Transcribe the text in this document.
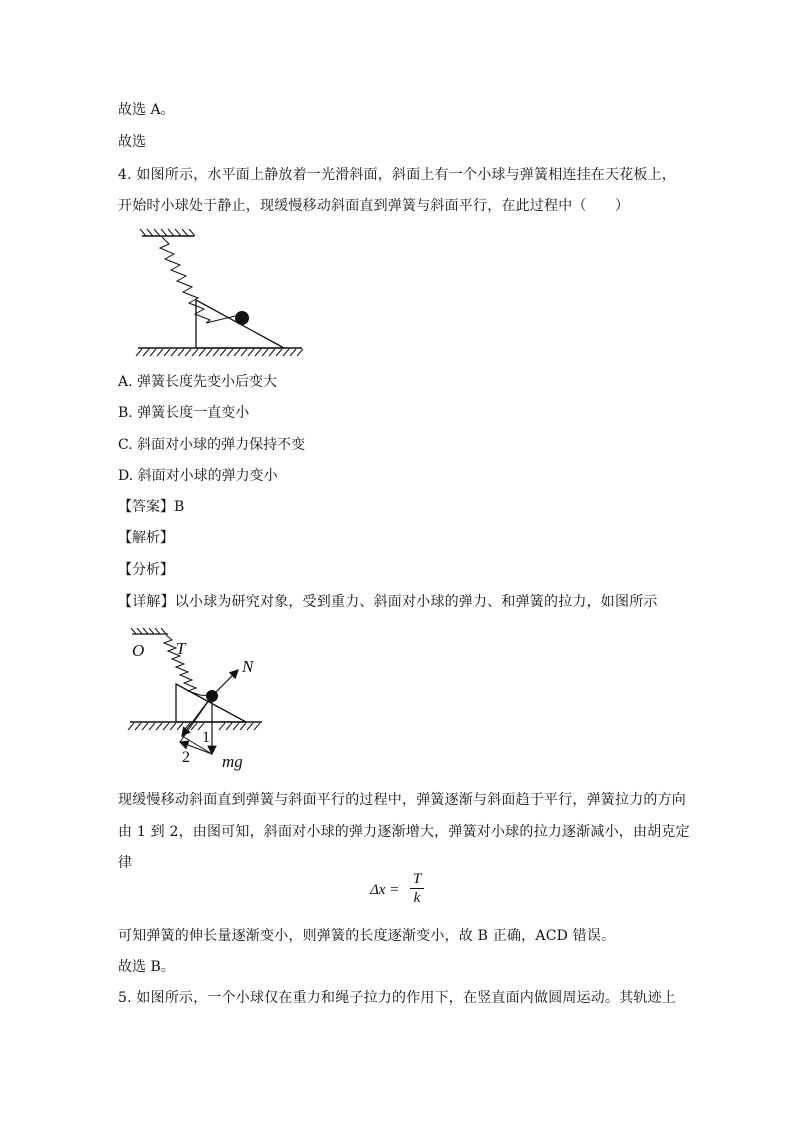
故选 A。
故选
4. 如图所示，水平面上静放着一光滑斜面，斜面上有一个小球与弹簧相连挂在天花板上，
开始时小球处于静止，现缓慢移动斜面直到弹簧与斜面平行，在此过程中（　　）
A. 弹簧长度先变小后变大
B. 弹簧长度一直变小
C. 斜面对小球的弹力保持不变
D. 斜面对小球的弹力变小
【答案】B
【解析】
【分析】
【详解】以小球为研究对象，受到重力、斜面对小球的弹力、和弹簧的拉力，如图所示
O T
N
mg
1
2
现缓慢移动斜面直到弹簧与斜面平行的过程中，弹簧逐渐与斜面趋于平行，弹簧拉力的方向
由 1 到 2，由图可知，斜面对小球的弹力逐渐增大，弹簧对小球的拉力逐渐减小，由胡克定
律
Δx =
T
k
可知弹簧的伸长量逐渐变小，则弹簧的长度逐渐变小，故 B 正确，ACD 错误。
故选 B。
5. 如图所示，一个小球仅在重力和绳子拉力的作用下，在竖直面内做圆周运动。其轨迹上
